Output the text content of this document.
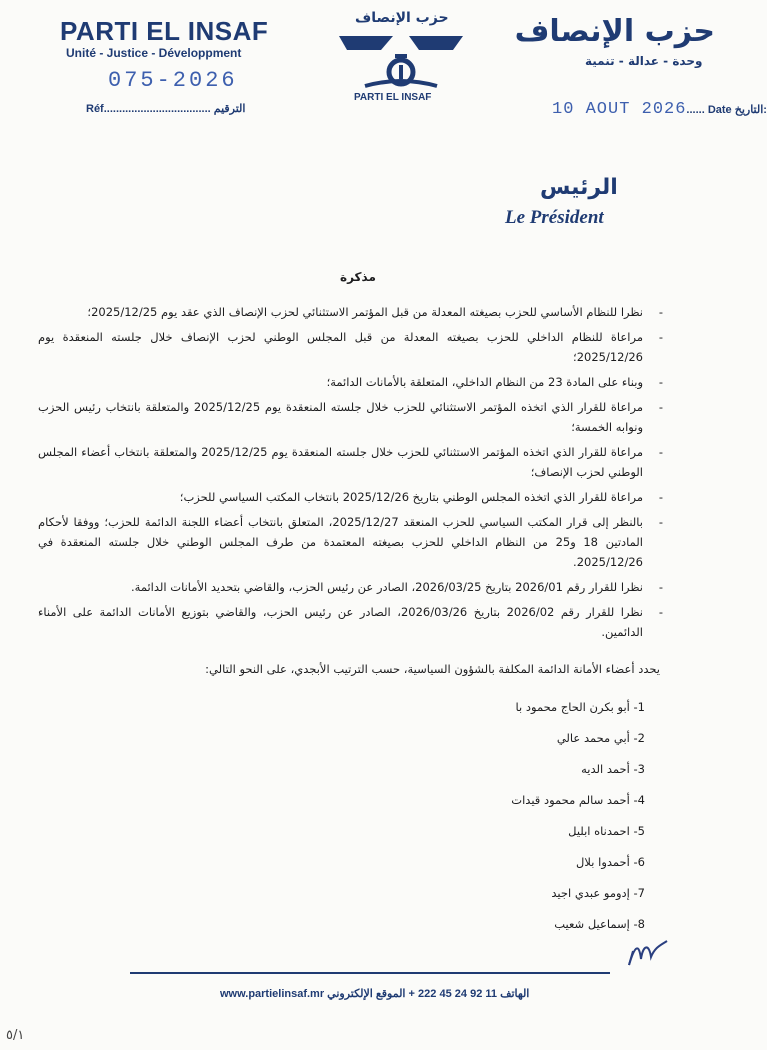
PARTI EL INSAF
Unité - Justice - Développment
075-2026
Réf................................... الترقيم
حزب الإنصاف
PARTI EL INSAF
حزب الإنصاف
وحدة - عدالة - تنمية
10 AOUT 2026...... Date التاريخ:
الرئيس
Le Président
مذكرة
- نظرا للنظام الأساسي للحزب بصيغته المعدلة من قبل المؤتمر الاستثنائي لحزب الإنصاف الذي عقد يوم 2025/12/25؛
- مراعاة للنظام الداخلي للحزب بصيغته المعدلة من قبل المجلس الوطني لحزب الإنصاف خلال جلسته المنعقدة يوم 2025/12/26؛
- وبناء على المادة 23 من النظام الداخلي، المتعلقة بالأمانات الدائمة؛
- مراعاة للقرار الذي اتخذه المؤتمر الاستثنائي للحزب خلال جلسته المنعقدة يوم 2025/12/25 والمتعلقة بانتخاب رئيس الحزب ونوابه الخمسة؛
- مراعاة للقرار الذي اتخذه المؤتمر الاستثنائي للحزب خلال جلسته المنعقدة يوم 2025/12/25 والمتعلقة بانتخاب أعضاء المجلس الوطني لحزب الإنصاف؛
- مراعاة للقرار الذي اتخذه المجلس الوطني بتاريخ 2025/12/26 بانتخاب المكتب السياسي للحزب؛
- بالنظر إلى قرار المكتب السياسي للحزب المنعقد 2025/12/27، المتعلق بانتخاب أعضاء اللجنة الدائمة للحزب؛ ووفقا لأحكام المادتين 18 و25 من النظام الداخلي للحزب بصيغته المعتمدة من طرف المجلس الوطني خلال جلسته المنعقدة في 2025/12/26.
- نظرا للقرار رقم 2026/01 بتاريخ 2026/03/25، الصادر عن رئيس الحزب، والقاضي بتحديد الأمانات الدائمة.
- نظرا للقرار رقم 2026/02 بتاريخ 2026/03/26، الصادر عن رئيس الحزب، والقاضي بتوزيع الأمانات الدائمة على الأمناء الدائمين.
يحدد أعضاء الأمانة الدائمة المكلفة بالشؤون السياسية، حسب الترتيب الأبجدي، على النحو التالي:
1- أبو بكرن الحاج محمود با
2- أبي محمد عالي
3- أحمد الديه
4- أحمد سالم محمود قيدات
5- احمدناه ابليل
6- أحمدوا بلال
7- إدومو عبدي اجيد
8- إسماعيل شعيب
الهاتف 11 92 24 45 222 + الموقع الإلكتروني www.partielinsaf.mr
٥/١
